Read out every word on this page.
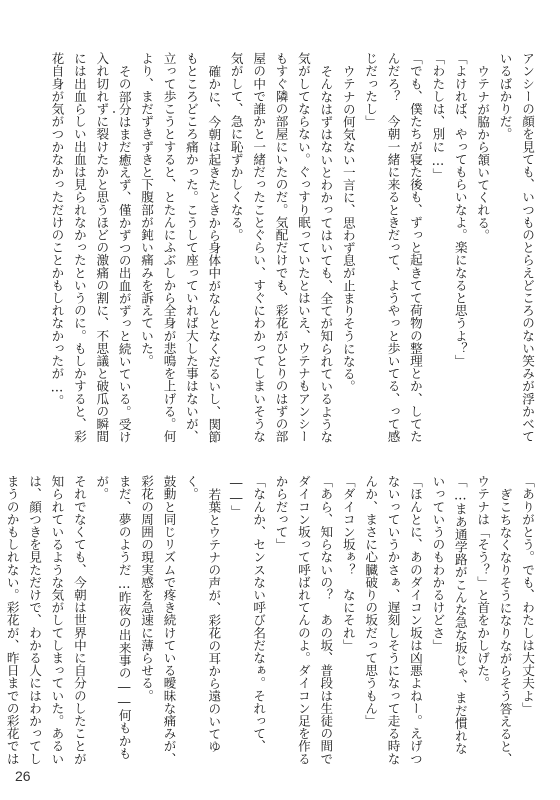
アンシーの顔を見ても、いつものとらえどころのない笑みが浮かべているばかりだ。

ウテナが脇から頷いてくれる。

「よければ、やってもらいなよ。楽になると思うよ？」

「わたしは、別に…」

「でも、僕たちが寝た後も、ずっと起きてて荷物の整理とか、してたんだろ？　今朝一緒に来るときだって、ようやっと歩いてる、って感じだったし」

ウテナの何気ない一言に、思わず息が止まりそうになる。

そんなはずはないとわかってはいても、全てが知られているような気がしてならない。ぐっすり眠っていたとはいえ、ウテナもアンシーもすぐ隣の部屋にいたのだ。気配だけでも、彩花がひとりのはずの部屋の中で誰かと一緒だったことぐらい、すぐにわかってしまいそうな気がして、急に恥ずかしくなる。

確かに、今朝は起きたときから身体中がなんとなくだるいし、関節もところどころ痛かった。こうして座っていれば大した事はないが、立って歩こうとすると、とたんにふぶしから全身が悲鳴を上げる。何より、まだずきずきと下腹部が鈍い痛みを訴えていた。

その部分はまだ癒えず、僅かずつの出血がずっと続いている。受け入れ切れずに裂けたかと思うほどの激痛の割に、不思議と破瓜の瞬間には出血らしい出血は見られなかったというのに。もしかすると、彩花自身が気がつかなかっただけのことかもしれなかったが…。

「ありがとう。でも、わたしは大丈夫よ」

ぎこちなくなりそうになりながらそう答えると、ウテナは「そう？」と首をかしげた。

「…まあ通学路がこんな急な坂じゃ、まだ慣れないっていうのもわかるけどさ」

「ほんとに、あのダイコン坂は凶悪よねー。えげつないっていうかさぁ、遅刻しそうになって走る時なんか、まさに心臓破りの坂だって思うもん」

「ダイコン坂ぁ？　なにそれ」

「あら、知らないの？　あの坂、普段は生徒の間でダイコン坂って呼ばれてんのよ。ダイコン足を作るからだって」

「なんか、センスない呼び名だなぁ。それって、――」

若葉とウテナの声が、彩花の耳から遠のいてゆく。

鼓動と同じリズムで疼き続けている曖昧な痛みが、彩花の周囲の現実感を急速に薄らせる。

まだ、夢のようだ…昨夜の出来事の――何もかもが。

それでなくても、今朝は世界中に自分のしたことが知られているような気がしてしまっていた。あるいは、顔つきを見ただけで、わかる人にはわかってしまうのかもしれない。彩花が、昨日までの彩花では

26
